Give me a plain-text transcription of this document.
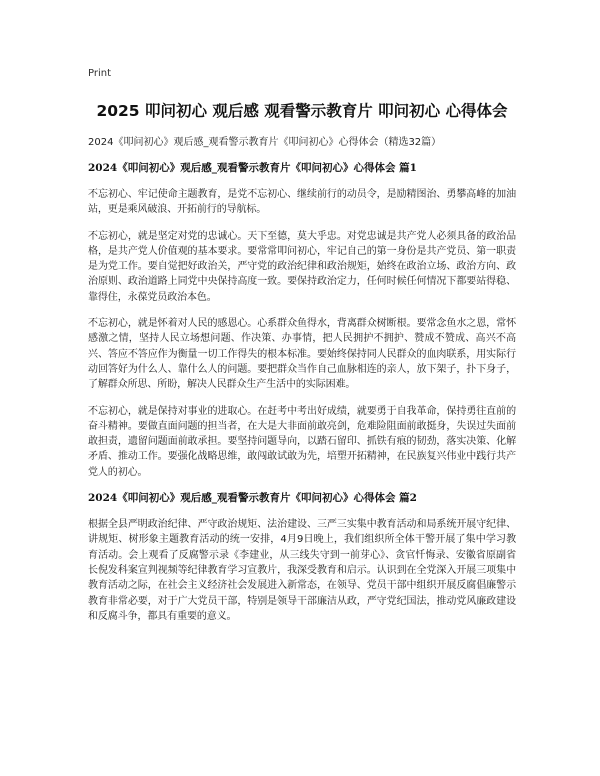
Print
2025 叩问初心 观后感 观看警示教育片 叩问初心 心得体会
2024《叩问初心》观后感_观看警示教育片《叩问初心》心得体会（精选32篇）
2024《叩问初心》观后感_观看警示教育片《叩问初心》心得体会 篇1

不忘初心、牢记使命主题教育，是党不忘初心、继续前行的动员令，是励精图治、勇攀高峰的加油站，更是乘风破浪、开拓前行的导航标。

不忘初心，就是坚定对党的忠诚心。天下至德，莫大乎忠。对党忠诚是共产党人必须具备的政治品格，是共产党人价值观的基本要求。要常常叩问初心，牢记自己的第一身份是共产党员、第一职责是为党工作。要自觉把好政治关，严守党的政治纪律和政治规矩，始终在政治立场、政治方向、政治原则、政治道路上同党中央保持高度一致。要保持政治定力，任何时候任何情况下都要站得稳、靠得住，永葆党员政治本色。

不忘初心，就是怀着对人民的感恩心。心系群众鱼得水，背离群众树断根。要常念鱼水之恩，常怀感激之情，坚持人民立场想问题、作决策、办事情，把人民拥护不拥护、赞成不赞成、高兴不高兴、答应不答应作为衡量一切工作得失的根本标准。要始终保持同人民群众的血肉联系，用实际行动回答好为什么人、靠什么人的问题。要把群众当作自己血脉相连的亲人，放下架子，扑下身子，了解群众所思、所盼，解决人民群众生产生活中的实际困难。

不忘初心，就是保持对事业的进取心。在赶考中考出好成绩，就要勇于自我革命，保持勇往直前的奋斗精神。要做直面问题的担当者，在大是大非面前敢亮剑，危难险阻面前敢挺身，失误过失面前敢担责，遗留问题面前敢承担。要坚持问题导向，以踏石留印、抓铁有痕的韧劲，落实决策、化解矛盾、推动工作。要强化战略思维，敢闯敢试敢为先，培塑开拓精神，在民族复兴伟业中践行共产党人的初心。

2024《叩问初心》观后感_观看警示教育片《叩问初心》心得体会 篇2

根据全县严明政治纪律、严守政治规矩、法治建设、三严三实集中教育活动和局系统开展守纪律、讲规矩、树形象主题教育活动的统一安排，4月9日晚上，我们组织所全体干警开展了集中学习教育活动。会上观看了反腐警示录《李建业，从三线失守到一前芽心》、贪官忏悔录、安徽省原副省长倪发科案宣判视频等纪律教育学习宣教片，我深受教育和启示。认识到在全党深入开展三项集中教育活动之际，在社会主义经济社会发展进入新常态，在领导、党员干部中组织开展反腐倡廉警示教育非常必要，对于广大党员干部，特别是领导干部廉洁从政，严守党纪国法，推动党风廉政建设和反腐斗争，都具有重要的意义。
